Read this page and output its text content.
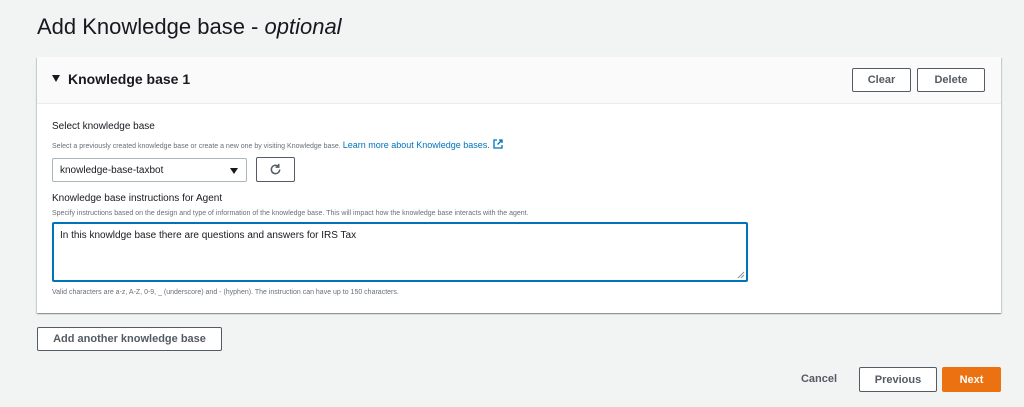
Add Knowledge base - optional
Knowledge base 1	Clear	Delete
Select knowledge base
Select a previously created knowledge base or create a new one by visiting Knowledge base. Learn more about Knowledge bases.
knowledge-base-taxbot
Knowledge base instructions for Agent
Specify instructions based on the design and type of information of the knowledge base. This will impact how the knowledge base interacts with the agent.
In this knowldge base there are questions and answers for IRS Tax
Valid characters are a-z, A-Z, 0-9, _ (underscore) and - (hyphen). The instruction can have up to 150 characters.
Add another knowledge base
Cancel	Previous	Next
